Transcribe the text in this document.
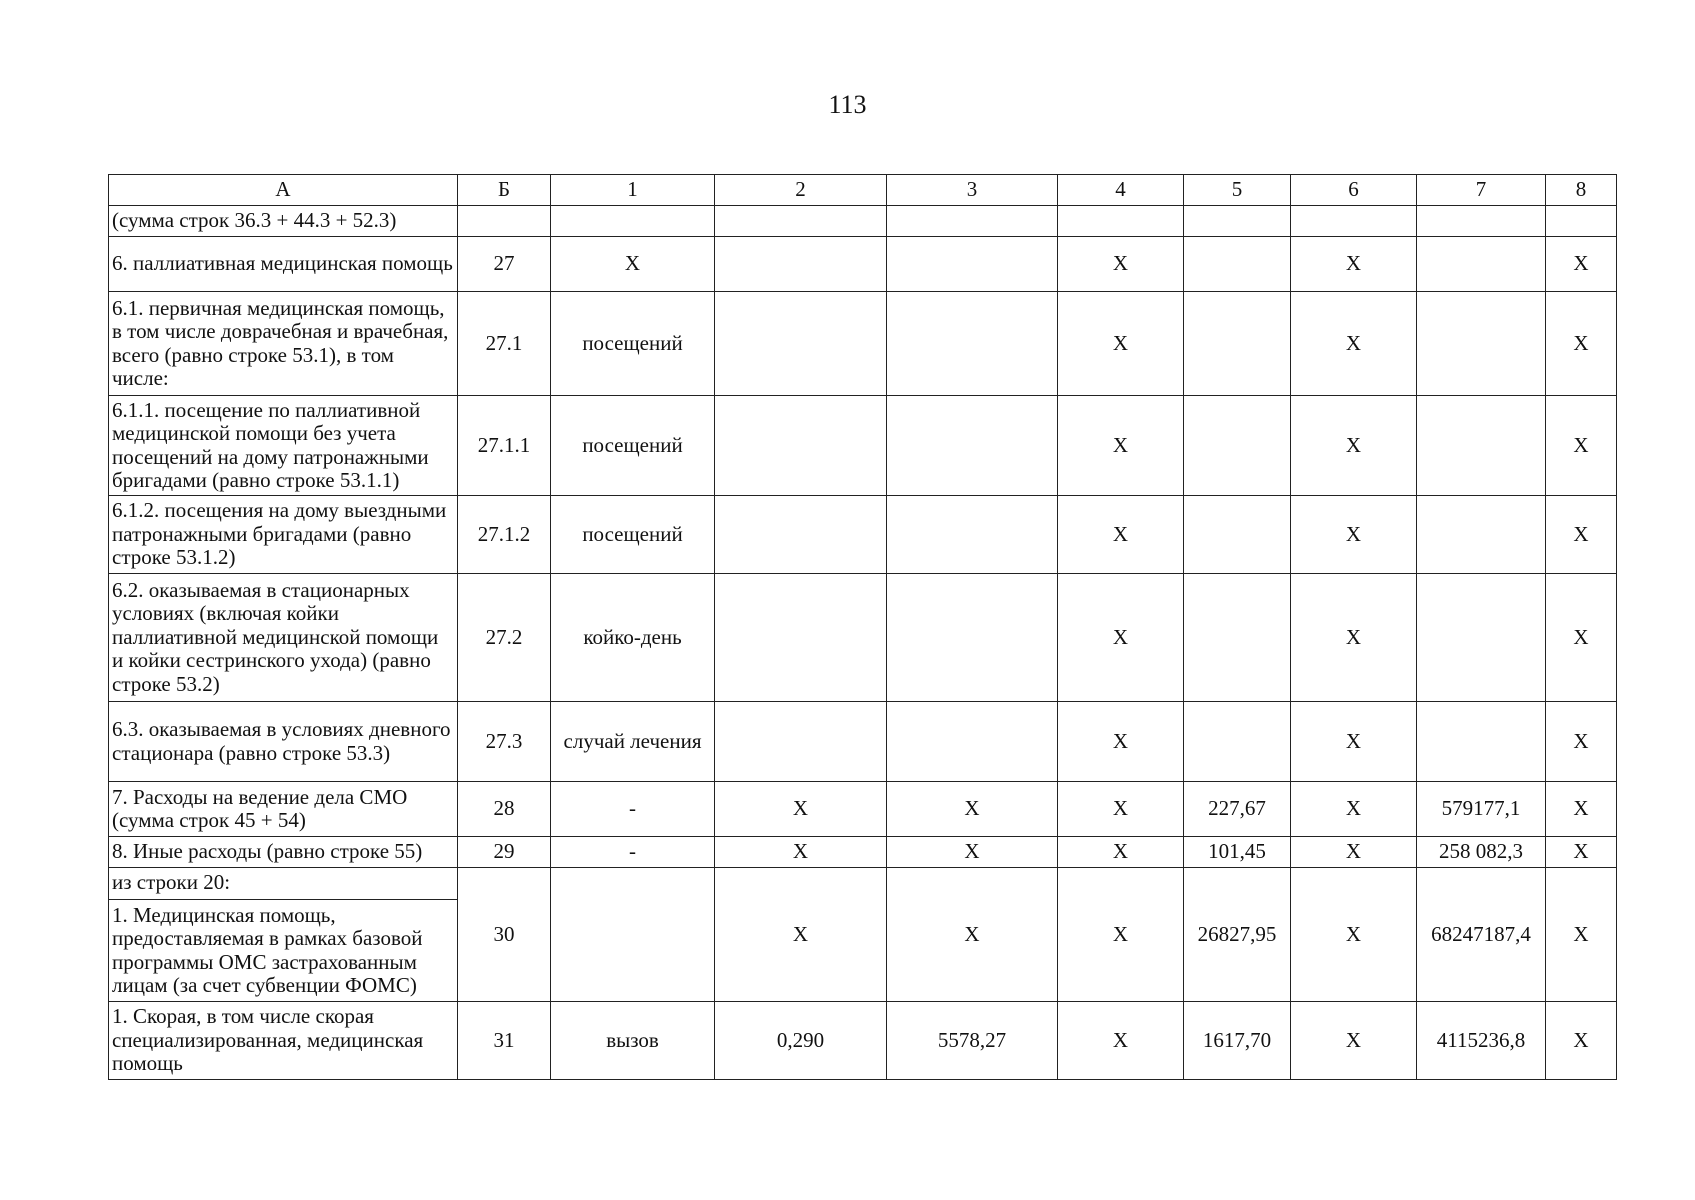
113
А	Б	1	2	3	4	5	6	7	8
(сумма строк 36.3 + 44.3 + 52.3)									
6. паллиативная медицинская помощь	27	Х			Х		Х		Х
6.1. первичная медицинская помощь, в том числе доврачебная и врачебная, всего (равно строке 53.1), в том числе:	27.1	посещений			Х		Х		Х
6.1.1. посещение по паллиативной медицинской помощи без учета посещений на дому патронажными бригадами (равно строке 53.1.1)	27.1.1	посещений			Х		Х		Х
6.1.2. посещения на дому выездными патронажными бригадами (равно строке 53.1.2)	27.1.2	посещений			Х		Х		Х
6.2. оказываемая в стационарных условиях (включая койки паллиативной медицинской помощи и койки сестринского ухода) (равно строке 53.2)	27.2	койко-день			Х		Х		Х
6.3. оказываемая в условиях дневного стационара (равно строке 53.3)	27.3	случай лечения			Х		Х		Х
7. Расходы на ведение дела СМО (сумма строк 45 + 54)	28	-	Х	Х	Х	227,67	Х	579177,1	Х
8. Иные расходы (равно строке 55)	29	-	Х	Х	Х	101,45	Х	258 082,3	Х

из строки 20:
1. Медицинская помощь, предоставляемая в рамках базовой программы ОМС застрахованным лицам (за счет субвенции ФОМС)	30		Х	Х	Х	26827,95	Х	68247187,4	Х
1. Скорая, в том числе скорая специализированная, медицинская помощь	31	вызов	0,290	5578,27	Х	1617,70	Х	4115236,8	Х
